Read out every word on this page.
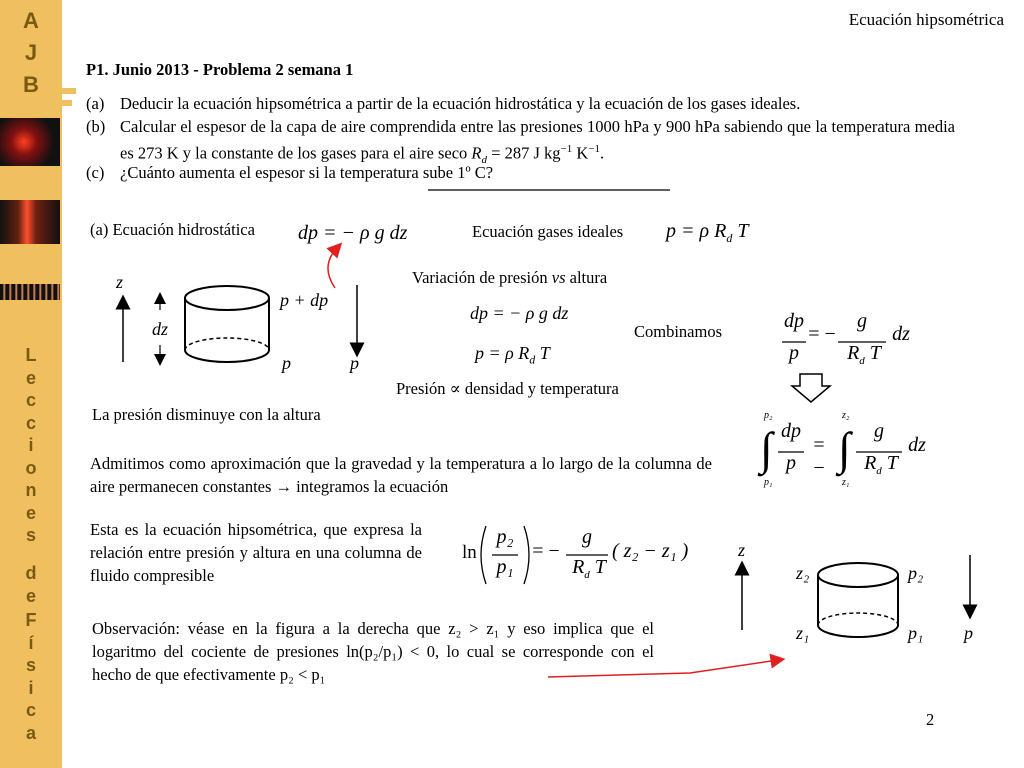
A
J
B
L
e
c
c
i
o
n
e
s
d
e
F
í
s
i
c
a
Ecuación hipsométrica
P1. Junio 2013 - Problema 2 semana 1
(a) Deducir la ecuación hipsométrica a partir de la ecuación hidrostática y la ecuación de los gases ideales.
(b) Calcular el espesor de la capa de aire comprendida entre las presiones 1000 hPa y 900 hPa sabiendo que la temperatura media es 273 K y la constante de los gases para el aire seco $R_d = 287$ J $kg^{-1}$ $K^{-1}$.
(c) ¿Cuánto aumenta el espesor si la temperatura sube 1º C?
(a) Ecuación hidrostática dp = − ρ g dz	Ecuación gases ideales p = ρ $R_d$ T
Variación de presión vs altura
dp = − ρ g dz
p = ρ $R_d$ T
Combinamos
Presión ∝ densidad y temperatura
La presión disminuye con la altura
z
dz
p + dp
p	p
dp
p
= −
g
$R_d$ T
dz
∫
p₂
p₁
dp
p
= − ∫
z₂
z₁
g
$R_d$ T
dz
Admitimos como aproximación que la gravedad y la temperatura a lo largo de la columna de aire permanecen constantes → integramos la ecuación
Esta es la ecuación hipsométrica, que expresa la relación entre presión y altura en una columna de fluido compresible
ln
p₂
p₁
= −
g
$R_d$ T
( z₂ − z₁ )	z
z₂
z₁
p₂
p₁ p
Observación: véase en la figura a la derecha que z₂ > z₁ y eso implica que el logaritmo del cociente de presiones ln(p₂/p₁) < 0, lo cual se corresponde con el hecho de que efectivamente p₂ < p₁
2
